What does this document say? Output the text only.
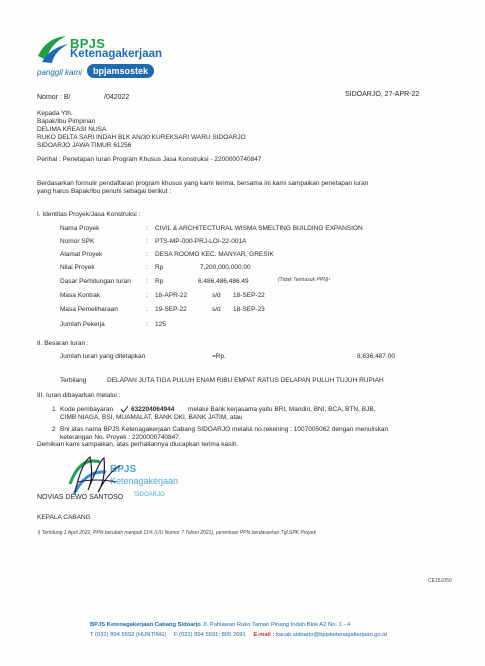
BPJS
Ketenagakerjaan
panggil kami	bpjamsostek
Nomor : B/	/042022	SIDOARJO, 27-APR-22
Kepada Yth.
Bapak/Ibu Pimpinan
DELIMA KREASI NUSA
RUKO DELTA SARI INDAH BLK AN/30 KUREKSARI WARU SIDOARJO
SIDOARJO JAWA TIMUR 61256
Perihal : Penetapan Iuran Program Khusus Jasa Konstruksi - 2200000740847
Berdasarkan formulir pendaftaran program khusus yang kami terima, bersama ini kami sampaikan penetapan iuran
yang harus Bapak/Ibu penuhi sebagai berikut :
I. Identitas Proyek/Jasa Konstruksi :
Nama Proyek	: CIVIL & ARCHITECTURAL WISMA SMELTING BUILDING EXPANSION
Nomor SPK	: PTS-MP-000-PRJ-LOI-22-001A
Alamat Proyek	: DESA ROOMO KEC. MANYAR, GRESIK
Nilai Proyek	: Rp	7,200,000,000.00
Dasar Perhitungan Iuran : Rp	6,486,486,486.49	(Tidak Termasuk PPN)¹
Masa Kontrak	: 18-APR-22	s/d 18-SEP-22
Masa Pemeliharaan	: 19-SEP-22	s/d 18-SEP-23
Jumlah Pekerja	: 125
II. Besaran Iuran :
Jumlah Iuran yang ditetapkan	=Rp.	8,636,487.00
Terbilang	DELAPAN JUTA TIGA PULUH ENAM RIBU EMPAT RATUS DELAPAN PULUH TUJUH RUPIAH
III. Iuran dibayarkan melalui :
1 Kode pembayaran	632204064944 melalui Bank kerjasama yaitu BRI, Mandiri, BNI, BCA, BTN, BJB,
CIMB NIAGA, BSI, MUAMALAT, BANK DKI, BANK JATIM, atau
2 Bni atas nama BPJS Ketenagakerjaan Cabang SIDOARJO melalui no.rekening : 1007005062 dengan menuliskan
keterangan No. Proyek : 2200000740847.
Demikian kami sampaikan, atas perhatiannya diucapkan terima kasih.
BPJS
Ketenagakerjaan
SIDOARJO
NOVIAS DEWO SANTOSO
KEPALA CABANG
¹) Terhitung 1 April 2022, PPN berubah menjadi 11% (UU Nomor 7 Tahun 2021), perentuan PPN berdasarkan Tgl.SPK Proyek
CE151050
BPJS Ketenagakerjaan Cabang Sidoarjo Jl. Pahlawan Ruko Taman Pinang Indah Blok A2 No. 1 - 4
T (031) 894 5592 (HUNTING) F (031) 894 5591; 805 2691 E-mail : kacab.sidoarjo@bpjsketenagakerjaan.go.id
